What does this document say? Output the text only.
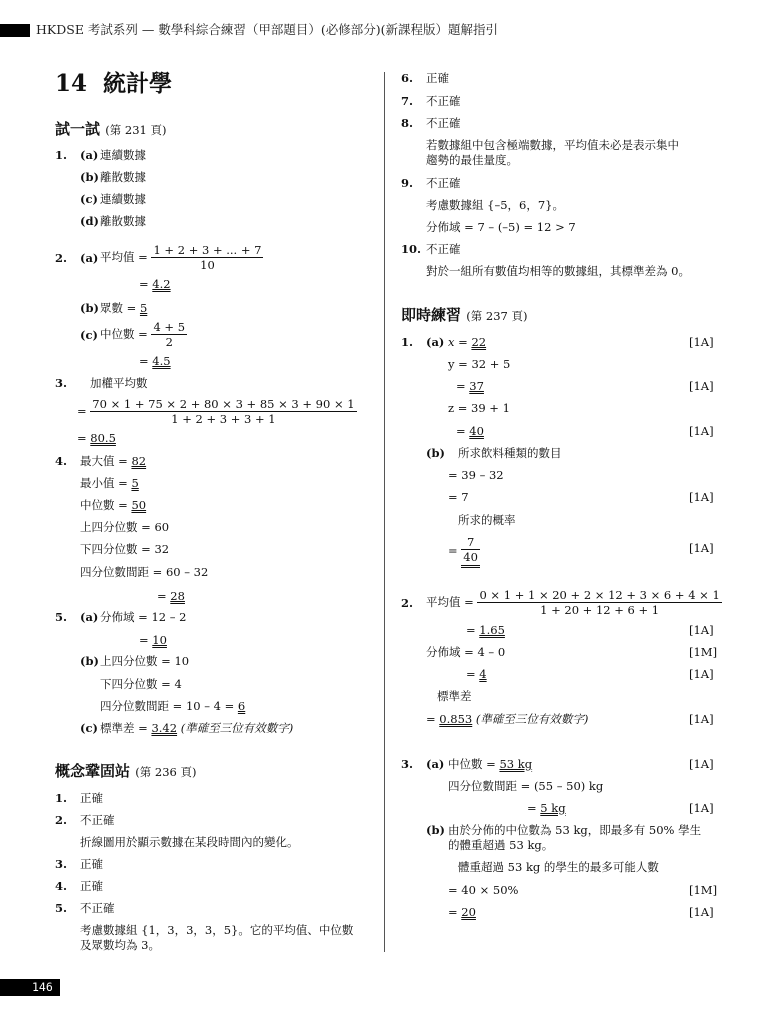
HKDSE 考試系列 — 數學科綜合練習（甲部題目）(必修部分)(新課程版）題解指引
14 統計學
試一試 (第 231 頁)
1. (a) 連續數據
(b) 離散數據
(c) 連續數據
(d) 離散數據
2. (a) 平均值 = $\frac{1 + 2 + 3 + ... + 7}{10}$
= 4.2
(b) 眾數 = 5
(c) 中位數 = $\frac{4 + 5}{2}$
= 4.5
3. 加權平均數
= $\frac{70 \times 1 + 75 \times 2 + 80 \times 3 + 85 \times 3 + 90 \times 1}{1 + 2 + 3 + 3 + 1}$
= 80.5
4. 最大值 = 82
最小值 = 5
中位數 = 50
上四分位數 = 60
下四分位數 = 32
四分位數間距 = 60 – 32
= 28
5. (a) 分佈域 = 12 – 2
= 10
(b) 上四分位數 = 10
下四分位數 = 4
四分位數間距 = 10 – 4 = 6
(c) 標準差 = 3.42 (準確至三位有效數字)
概念鞏固站 (第 236 頁)
1. 正確
2. 不正確
折線圖用於顯示數據在某段時間內的變化。
3. 正確
4. 正確
5. 不正確
考慮數據組 {1，3，3，3，5}。它的平均值、中位數
及眾數均為 3。
6. 正確
7. 不正確
8. 不正確
若數據組中包含極端數據，平均值未必是表示集中
趨勢的最佳量度。
9. 不正確
考慮數據組 {–5，6，7}。
分佈域 = 7 – (–5) = 12 > 7
10. 不正確
對於一組所有數值均相等的數據組，其標準差為 0。
即時練習 (第 237 頁)
1. (a) x = 22	[1A]
y = 32 + 5
= 37	[1A]
z = 39 + 1
= 40	[1A]
(b) 所求飲料種類的數目
= 39 – 32
= 7	[1A]
所求的概率
= $\frac{7}{40}$	[1A]
2. 平均值 = $\frac{0 \times 1 + 1 \times 20 + 2 \times 12 + 3 \times 6 + 4 \times 1}{1 + 20 + 12 + 6 + 1}$
= 1.65	[1A]
分佈域 = 4 – 0	[1M]
= 4	[1A]
標準差
= 0.853 (準確至三位有效數字)	[1A]
3. (a) 中位數 = 53 kg	[1A]
四分位數間距 = (55 – 50) kg
= 5 kg	[1A]
(b) 由於分佈的中位數為 53 kg，即最多有 50% 學生
的體重超過 53 kg。
體重超過 53 kg 的學生的最多可能人數
= 40 × 50%	[1M]
= 20	[1A]
146
